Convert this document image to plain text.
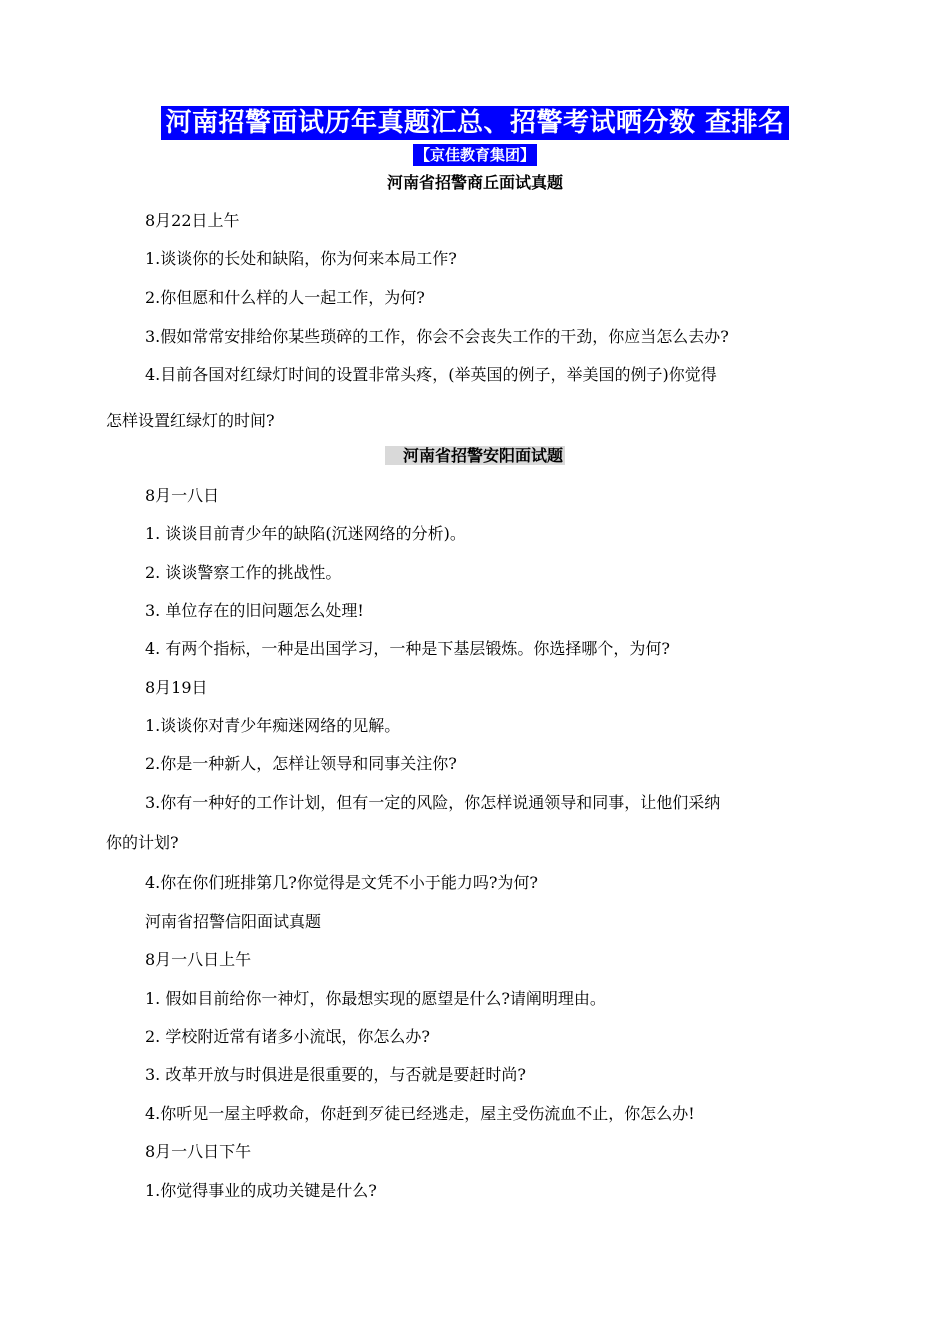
河南招警面试历年真题汇总、招警考试晒分数 查排名
【京佳教育集团】
河南省招警商丘面试真题
8月22日上午
1.谈谈你的长处和缺陷，你为何来本局工作?
2.你但愿和什么样的人一起工作，为何?
3.假如常常安排给你某些琐碎的工作，你会不会丧失工作的干劲，你应当怎么去办?
4.目前各国对红绿灯时间的设置非常头疼，(举英国的例子，举美国的例子)你觉得
怎样设置红绿灯的时间?
河南省招警安阳面试题
8月一八日
1. 谈谈目前青少年的缺陷(沉迷网络的分析)。
2. 谈谈警察工作的挑战性。
3. 单位存在的旧问题怎么处理!
4. 有两个指标，一种是出国学习，一种是下基层锻炼。你选择哪个，为何?
8月19日
1.谈谈你对青少年痴迷网络的见解。
2.你是一种新人，怎样让领导和同事关注你?
3.你有一种好的工作计划，但有一定的风险，你怎样说通领导和同事，让他们采纳
你的计划?
4.你在你们班排第几?你觉得是文凭不小于能力吗?为何?
河南省招警信阳面试真题
8月一八日上午
1. 假如目前给你一神灯，你最想实现的愿望是什么?请阐明理由。
2. 学校附近常有诸多小流氓，你怎么办?
3. 改革开放与时俱进是很重要的，与否就是要赶时尚?
4.你听见一屋主呼救命，你赶到歹徒已经逃走，屋主受伤流血不止，你怎么办!
8月一八日下午
1.你觉得事业的成功关键是什么?
